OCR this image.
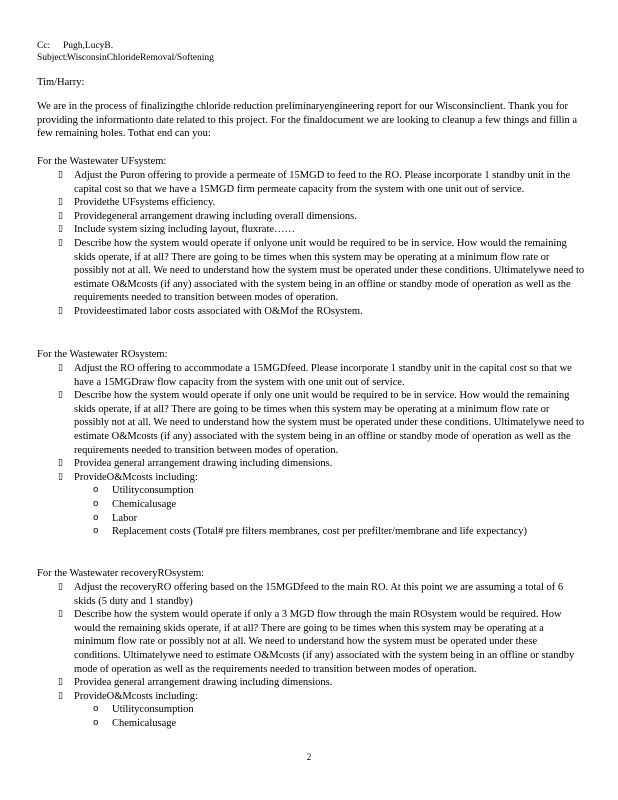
Cc: Pugh,LucyB.
Subject:WisconsinChlorideRemoval/Softening
Tim/Harry:
We are in the process of finalizingthe chloride reduction preliminaryengineering report for our Wisconsinclient. Thank you for providing the informationto date related to this project. For the finaldocument we are looking to cleanup a few things and fillin a few remaining holes. Tothat end can you:
For the Wastewater UFsystem:
▯ Adjust the Puron offering to provide a permeate of 15MGD to feed to the RO. Please incorporate 1 standby unit in the capital cost so that we have a 15MGD firm permeate capacity from the system with one unit out of service.
▯ Providethe UFsystems efficiency.
▯ Providegeneral arrangement drawing including overall dimensions.
▯ Include system sizing including layout, fluxrate……
▯ Describe how the system would operate if onlyone unit would be required to be in service. How would the remaining skids operate, if at all? There are going to be times when this system may be operating at a minimum flow rate or possibly not at all. We need to understand how the system must be operated under these conditions. Ultimatelywe need to estimate O&Mcosts (if any) associated with the system being in an offline or standby mode of operation as well as the requirements needed to transition between modes of operation.
▯ Provideestimated labor costs associated with O&Mof the ROsystem.
For the Wastewater ROsystem:
▯ Adjust the RO offering to accommodate a 15MGDfeed. Please incorporate 1 standby unit in the capital cost so that we have a 15MGDraw flow capacity from the system with one unit out of service.
▯ Describe how the system would operate if only one unit would be required to be in service. How would the remaining skids operate, if at all? There are going to be times when this system may be operating at a minimum flow rate or possibly not at all. We need to understand how the system must be operated under these conditions. Ultimatelywe need to estimate O&Mcosts (if any) associated with the system being in an offline or standby mode of operation as well as the requirements needed to transition between modes of operation.
▯ Providea general arrangement drawing including dimensions.
▯ ProvideO&Mcosts including:
o Utilityconsumption
o Chemicalusage
o Labor
o Replacement costs (Total# pre filters membranes, cost per prefilter/membrane and life expectancy)
For the Wastewater recoveryROsystem:
▯ Adjust the recoveryRO offering based on the 15MGDfeed to the main RO. At this point we are assuming a total of 6 skids (5 duty and 1 standby)
▯ Describe how the system would operate if only a 3 MGD flow through the main ROsystem would be required. How would the remaining skids operate, if at all? There are going to be times when this system may be operating at a minimum flow rate or possibly not at all. We need to understand how the system must be operated under these conditions. Ultimatelywe need to estimate O&Mcosts (if any) associated with the system being in an offline or standby mode of operation as well as the requirements needed to transition between modes of operation.
▯ Providea general arrangement drawing including dimensions.
▯ ProvideO&Mcosts including:
o Utilityconsumption
o Chemicalusage
2
